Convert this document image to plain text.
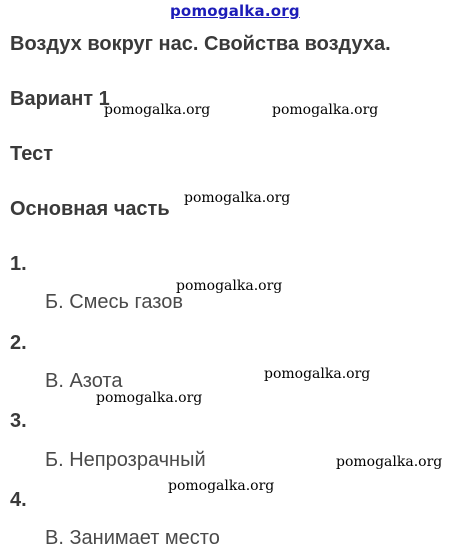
pomogalka.org
Воздух вокруг нас. Свойства воздуха.
Вариант 1
Тест
Основная часть
1.
Б. Смесь газов
2.
В. Азота
3.
Б. Непрозрачный
4.
В. Занимает место
pomogalka.org	pomogalka.org
pomogalka.org
pomogalka.org
pomogalka.org
pomogalka.org
pomogalka.org
pomogalka.org
